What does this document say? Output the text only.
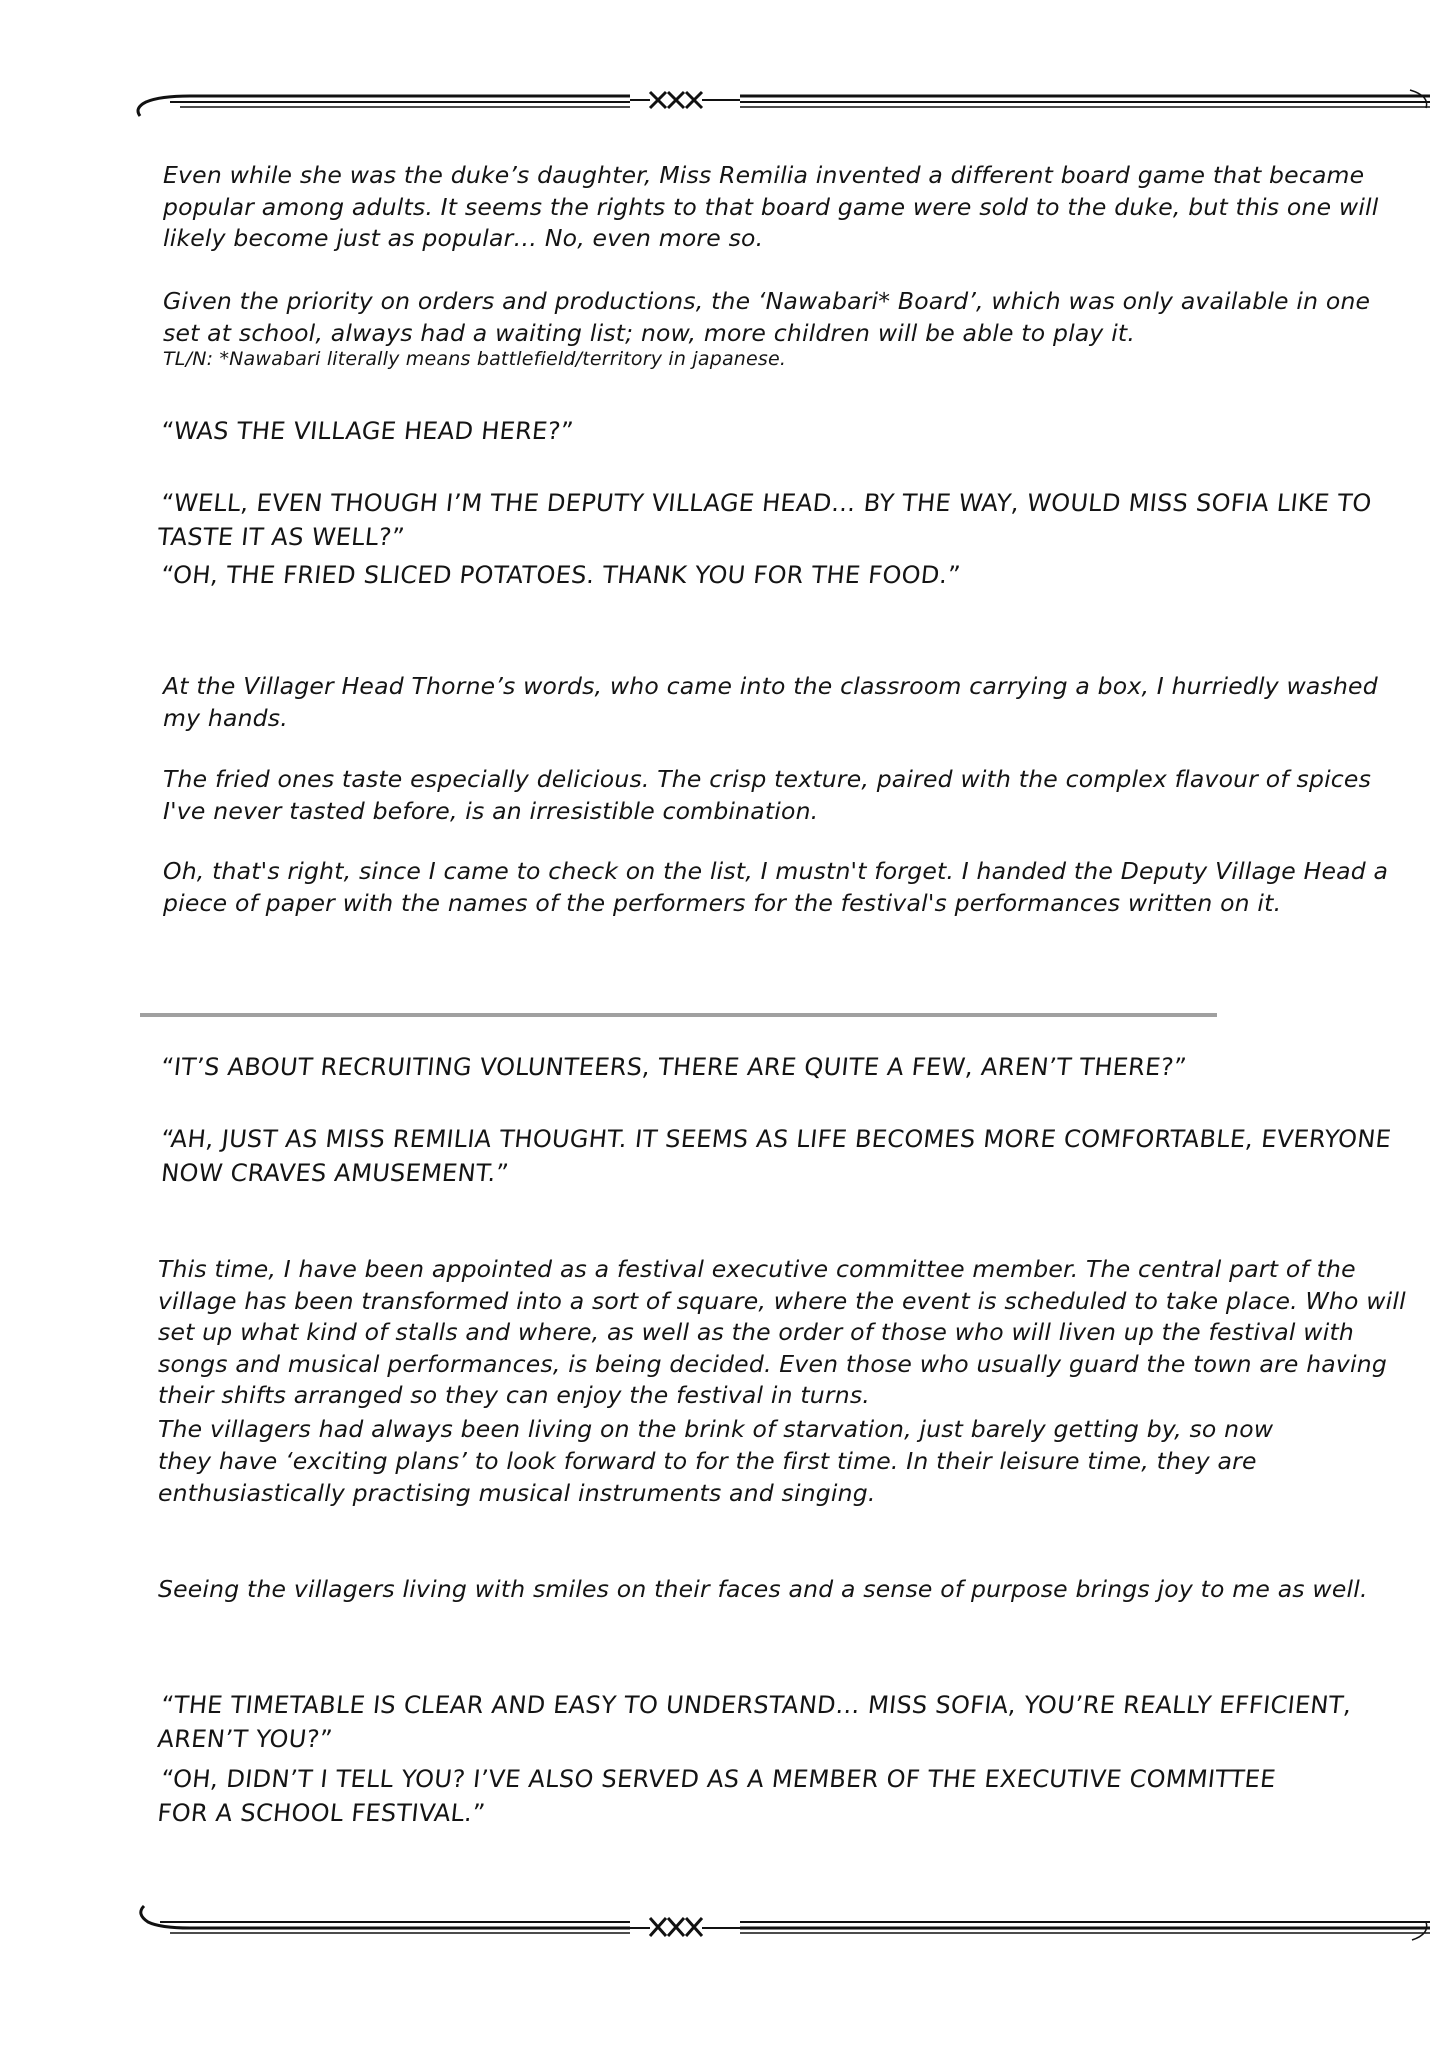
Even while she was the duke’s daughter, Miss Remilia invented a different board game that became popular among adults. It seems the rights to that board game were sold to the duke, but this one will likely become just as popular… No, even more so.

Given the priority on orders and productions, the ‘Nawabari* Board’, which was only available in one set at school, always had a waiting list; now, more children will be able to play it.

TL/N: *Nawabari literally means battlefield/territory in japanese.

“WAS THE VILLAGE HEAD HERE?”

“WELL, EVEN THOUGH I’M THE DEPUTY VILLAGE HEAD… BY THE WAY, WOULD MISS SOFIA LIKE TO TASTE IT AS WELL?”

“OH, THE FRIED SLICED POTATOES. THANK YOU FOR THE FOOD.”

At the Villager Head Thorne’s words, who came into the classroom carrying a box, I hurriedly washed my hands.

The fried ones taste especially delicious. The crisp texture, paired with the complex flavour of spices I've never tasted before, is an irresistible combination.

Oh, that's right, since I came to check on the list, I mustn't forget. I handed the Deputy Village Head a piece of paper with the names of the performers for the festival's performances written on it.

“IT’S ABOUT RECRUITING VOLUNTEERS, THERE ARE QUITE A FEW, AREN’T THERE?”

“AH, JUST AS MISS REMILIA THOUGHT. IT SEEMS AS LIFE BECOMES MORE COMFORTABLE, EVERYONE

NOW CRAVES AMUSEMENT.”

This time, I have been appointed as a festival executive committee member. The central part of the village has been transformed into a sort of square, where the event is scheduled to take place. Who will set up what kind of stalls and where, as well as the order of those who will liven up the festival with songs and musical performances, is being decided. Even those who usually guard the town are having their shifts arranged so they can enjoy the festival in turns.

The villagers had always been living on the brink of starvation, just barely getting by, so now

they have ‘exciting plans’ to look forward to for the first time. In their leisure time, they are enthusiastically practising musical instruments and singing.

Seeing the villagers living with smiles on their faces and a sense of purpose brings joy to me as well.

“THE TIMETABLE IS CLEAR AND EASY TO UNDERSTAND… MISS SOFIA, YOU’RE REALLY EFFICIENT, AREN’T YOU?”

“OH, DIDN’T I TELL YOU? I’VE ALSO SERVED AS A MEMBER OF THE EXECUTIVE COMMITTEE FOR A SCHOOL FESTIVAL.”
